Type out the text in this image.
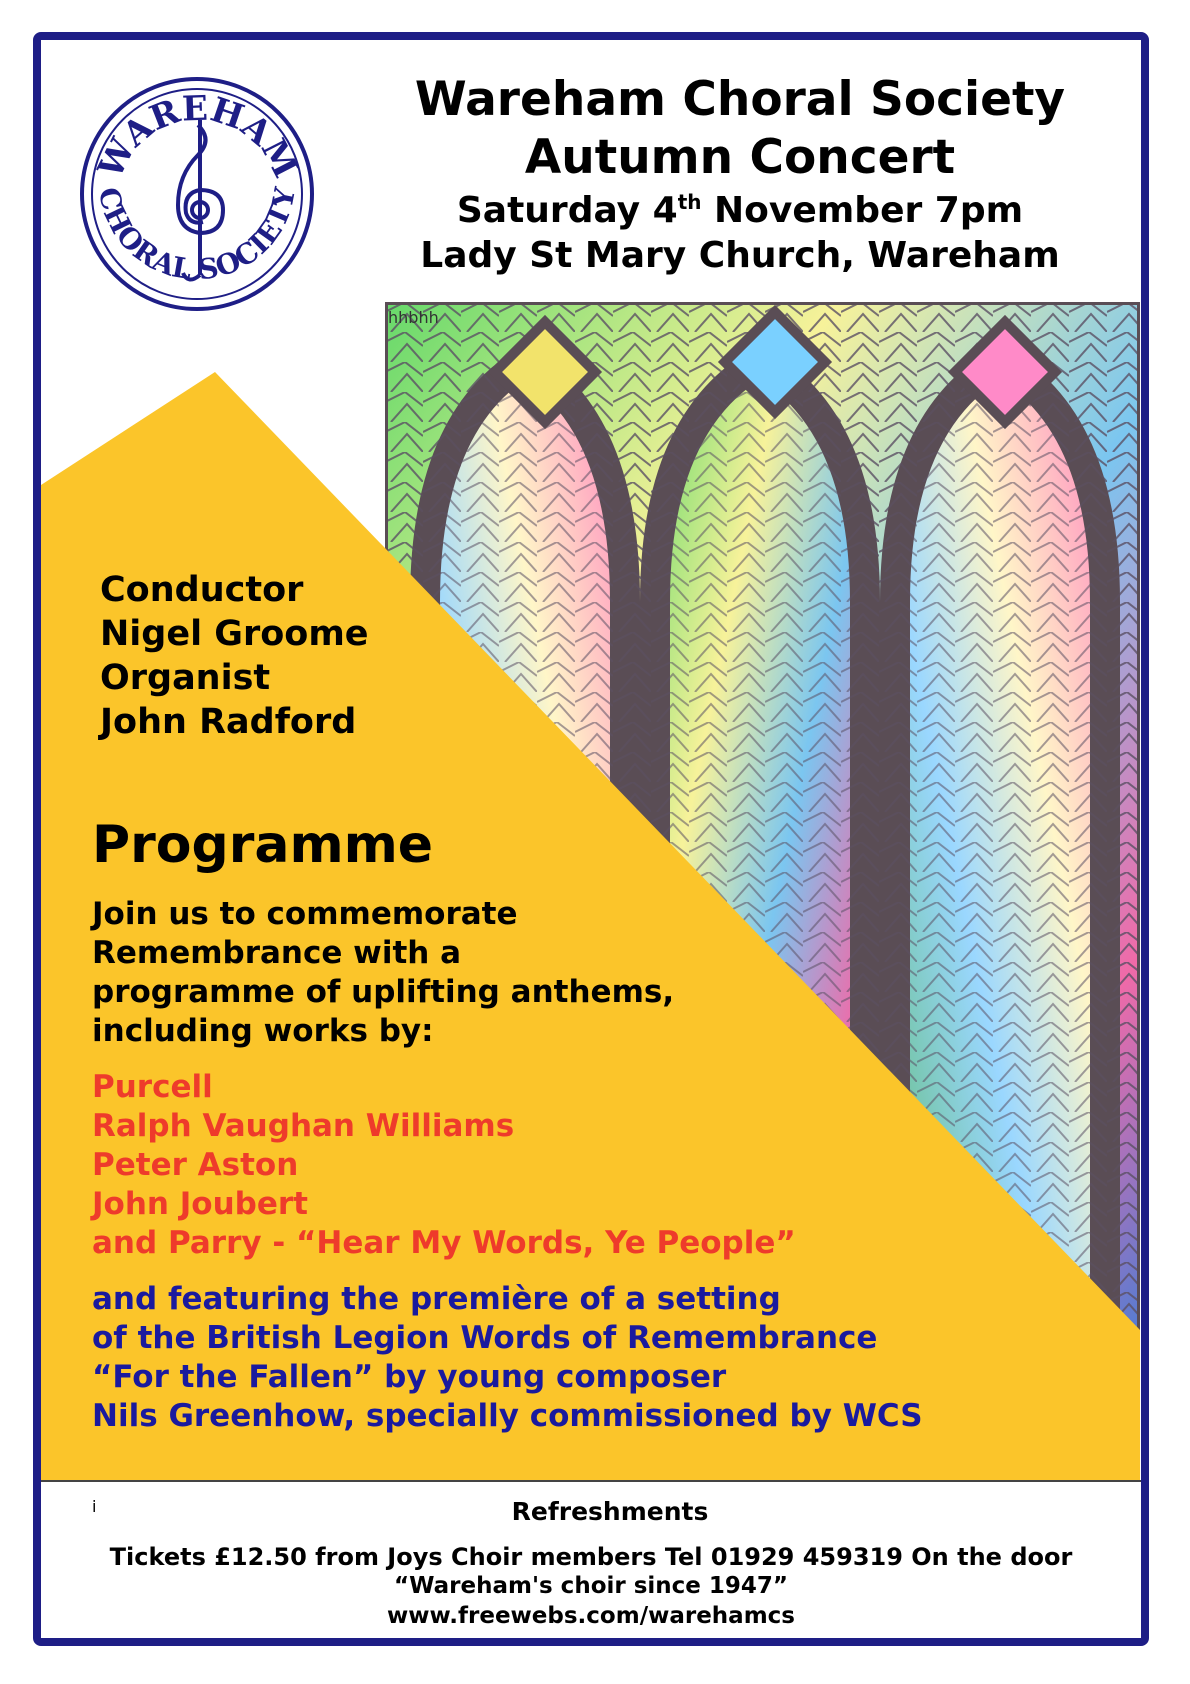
hhbhh
WAREHAM
CHORAL SOCIETY
Wareham Choral Society
Autumn Concert
Saturday 4th November 7pm
Lady St Mary Church, Wareham
Conductor
Nigel Groome
Organist
John Radford
Programme
Join us to commemorate
Remembrance with a
programme of uplifting anthems,
including works by:
Purcell
Ralph Vaughan Williams
Peter Aston
John Joubert
and Parry - “Hear My Words, Ye People”
and featuring the première of a setting
of the British Legion Words of Remembrance
“For the Fallen” by young composer
Nils Greenhow, specially commissioned by WCS
i	Refreshments
Tickets £12.50 from Joys Choir members Tel 01929 459319 On the door
“Wareham's choir since 1947”
www.freewebs.com/warehamcs
